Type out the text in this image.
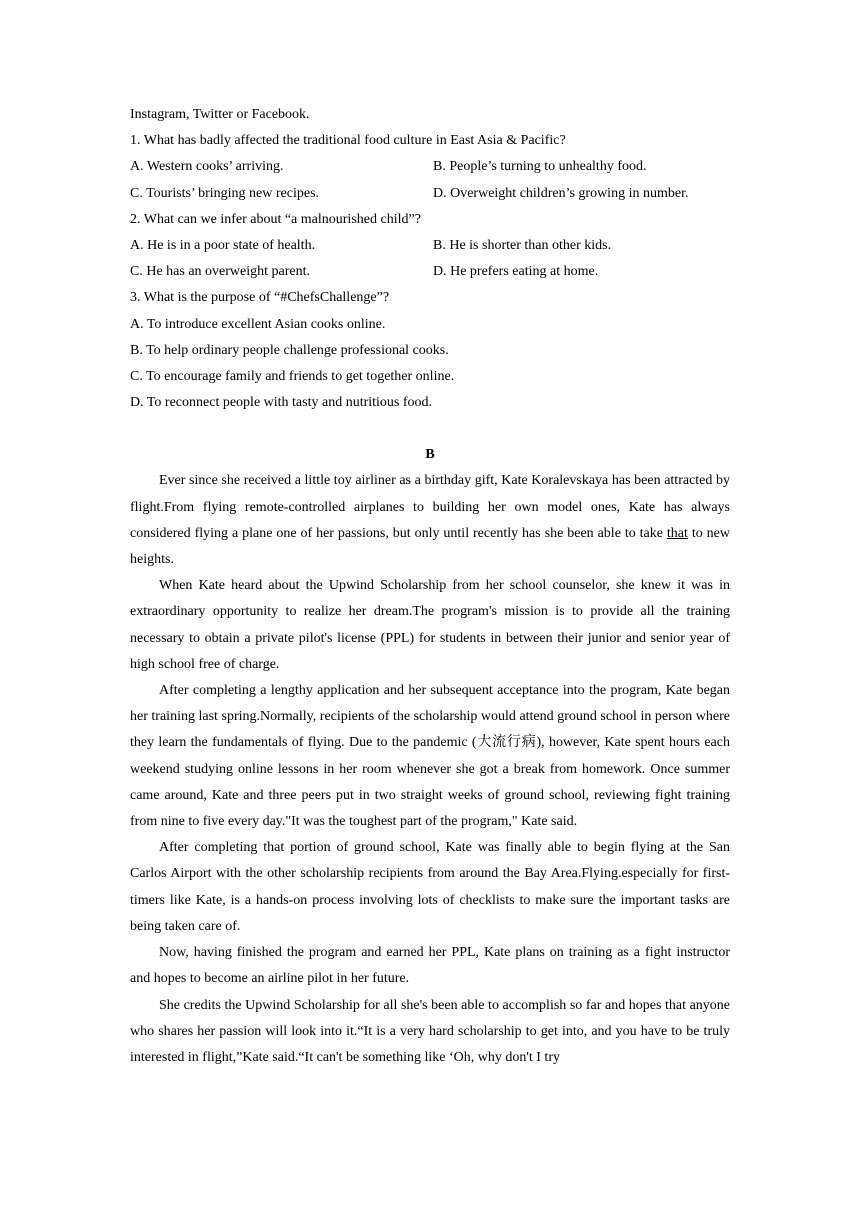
Instagram, Twitter or Facebook.
1. What has badly affected the traditional food culture in East Asia & Pacific?
A. Western cooks’ arriving.	B. People’s turning to unhealthy food.
C. Tourists’ bringing new recipes.	D. Overweight children’s growing in number.
2. What can we infer about “a malnourished child”?
A. He is in a poor state of health.	B. He is shorter than other kids.
C. He has an overweight parent.	D. He prefers eating at home.
3. What is the purpose of “#ChefsChallenge”?
A. To introduce excellent Asian cooks online.
B. To help ordinary people challenge professional cooks.
C. To encourage family and friends to get together online.
D. To reconnect people with tasty and nutritious food.
B

Ever since she received a little toy airliner as a birthday gift, Kate Koralevskaya has been attracted by flight.From flying remote-controlled airplanes to building her own model ones, Kate has always considered flying a plane one of her passions, but only until recently has she been able to take that to new heights.

When Kate heard about the Upwind Scholarship from her school counselor, she knew it was in extraordinary opportunity to realize her dream.The program's mission is to provide all the training necessary to obtain a private pilot's license (PPL) for students in between their junior and senior year of high school free of charge.

After completing a lengthy application and her subsequent acceptance into the program, Kate began her training last spring.Normally, recipients of the scholarship would attend ground school in person where they learn the fundamentals of flying. Due to the pandemic (大流行病), however, Kate spent hours each weekend studying online lessons in her room whenever she got a break from homework. Once summer came around, Kate and three peers put in two straight weeks of ground school, reviewing fight training from nine to five every day."It was the toughest part of the program," Kate said.

After completing that portion of ground school, Kate was finally able to begin flying at the San Carlos Airport with the other scholarship recipients from around the Bay Area.Flying.especially for first-timers like Kate, is a hands-on process involving lots of checklists to make sure the important tasks are being taken care of.

Now, having finished the program and earned her PPL, Kate plans on training as a fight instructor and hopes to become an airline pilot in her future.

She credits the Upwind Scholarship for all she's been able to accomplish so far and hopes that anyone who shares her passion will look into it.“It is a very hard scholarship to get into, and you have to be truly interested in flight,”Kate said.“It can't be something like ‘Oh, why don't I try
